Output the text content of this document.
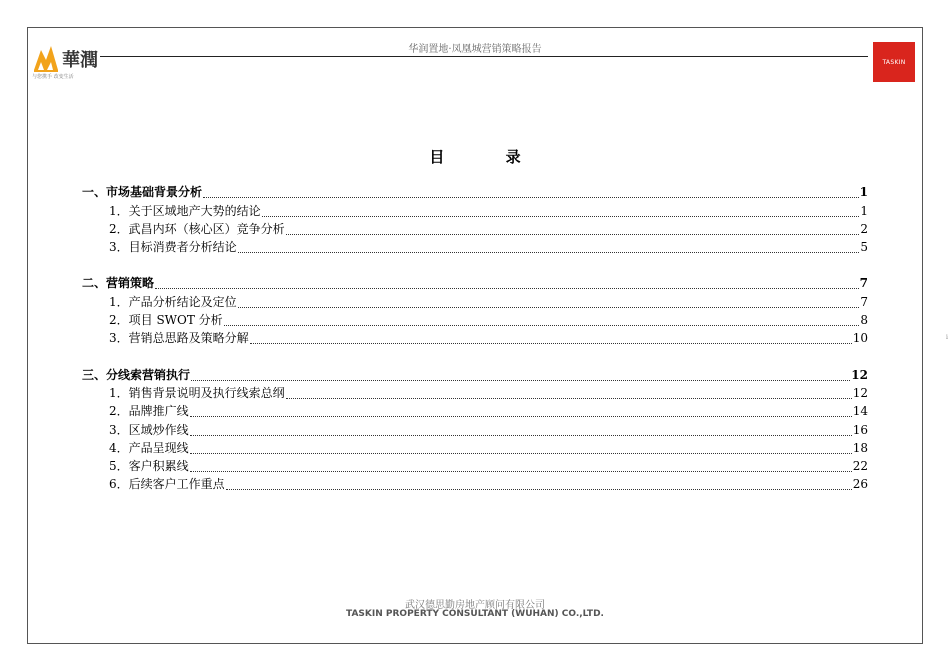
華潤
与您携手 改变生活
华润置地·凤凰城营销策略报告
TASKIN
目 录
一、市场基础背景分析	1
1．关于区域地产大势的结论	1
2．武昌内环（核心区）竞争分析	2
3．目标消费者分析结论	5
二、营销策略	7
1．产品分析结论及定位	7
2．项目 SWOT 分析	8
3．营销总思路及策略分解	10
三、分线索营销执行	12
1．销售背景说明及执行线索总纲	12
2．品牌推广线	14
3．区域炒作线	16
4．产品呈现线	18
5．客户积累线	22
6．后续客户工作重点	26
武汉德思勤房地产顾问有限公司
TASKIN PROPERTY CONSULTANT (WUHAN) CO.,LTD.
i
